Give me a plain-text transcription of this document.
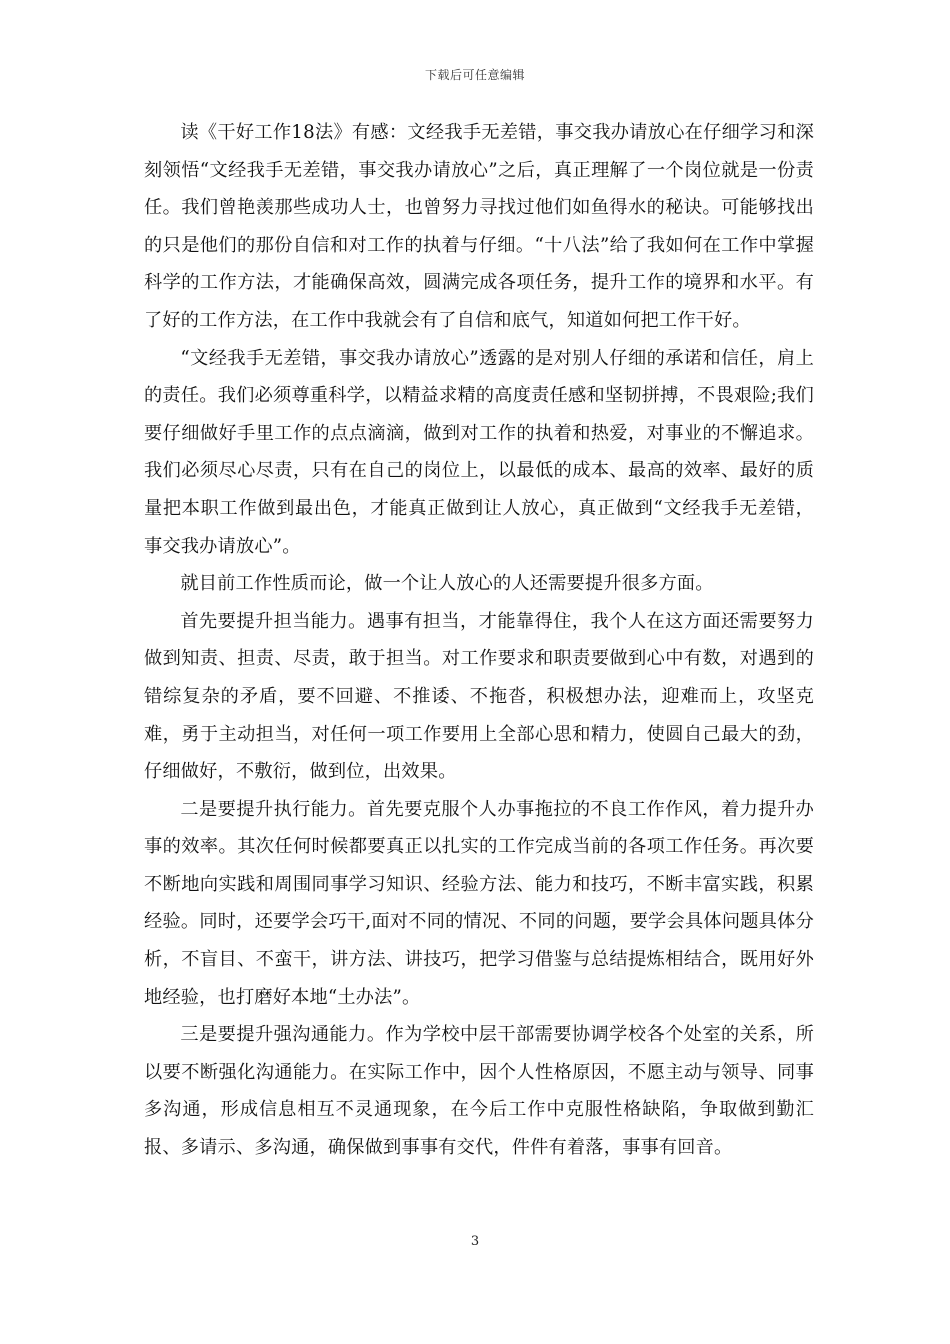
下载后可任意编辑

读《干好工作18法》有感：文经我手无差错，事交我办请放心在仔细学习和深刻领悟“文经我手无差错，事交我办请放心”之后，真正理解了一个岗位就是一份责任。我们曾艳羡那些成功人士，也曾努力寻找过他们如鱼得水的秘诀。可能够找出的只是他们的那份自信和对工作的执着与仔细。“十八法”给了我如何在工作中掌握科学的工作方法，才能确保高效，圆满完成各项任务，提升工作的境界和水平。有了好的工作方法，在工作中我就会有了自信和底气，知道如何把工作干好。

“文经我手无差错，事交我办请放心”透露的是对别人仔细的承诺和信任，肩上的责任。我们必须尊重科学，以精益求精的高度责任感和坚韧拼搏，不畏艰险;我们要仔细做好手里工作的点点滴滴，做到对工作的执着和热爱，对事业的不懈追求。我们必须尽心尽责，只有在自己的岗位上，以最低的成本、最高的效率、最好的质量把本职工作做到最出色，才能真正做到让人放心，真正做到“文经我手无差错，事交我办请放心”。

就目前工作性质而论，做一个让人放心的人还需要提升很多方面。

首先要提升担当能力。遇事有担当，才能靠得住，我个人在这方面还需要努力做到知责、担责、尽责，敢于担当。对工作要求和职责要做到心中有数，对遇到的错综复杂的矛盾，要不回避、不推诿、不拖沓，积极想办法，迎难而上，攻坚克难，勇于主动担当，对任何一项工作要用上全部心思和精力，使圆自己最大的劲，仔细做好，不敷衍，做到位，出效果。

二是要提升执行能力。首先要克服个人办事拖拉的不良工作作风，着力提升办事的效率。其次任何时候都要真正以扎实的工作完成当前的各项工作任务。再次要不断地向实践和周围同事学习知识、经验方法、能力和技巧，不断丰富实践，积累经验。同时，还要学会巧干,面对不同的情况、不同的问题，要学会具体问题具体分析，不盲目、不蛮干，讲方法、讲技巧，把学习借鉴与总结提炼相结合，既用好外地经验，也打磨好本地“土办法”。

三是要提升强沟通能力。作为学校中层干部需要协调学校各个处室的关系，所以要不断强化沟通能力。在实际工作中，因个人性格原因，不愿主动与领导、同事多沟通，形成信息相互不灵通现象，在今后工作中克服性格缺陷，争取做到勤汇报、多请示、多沟通，确保做到事事有交代，件件有着落，事事有回音。

3
